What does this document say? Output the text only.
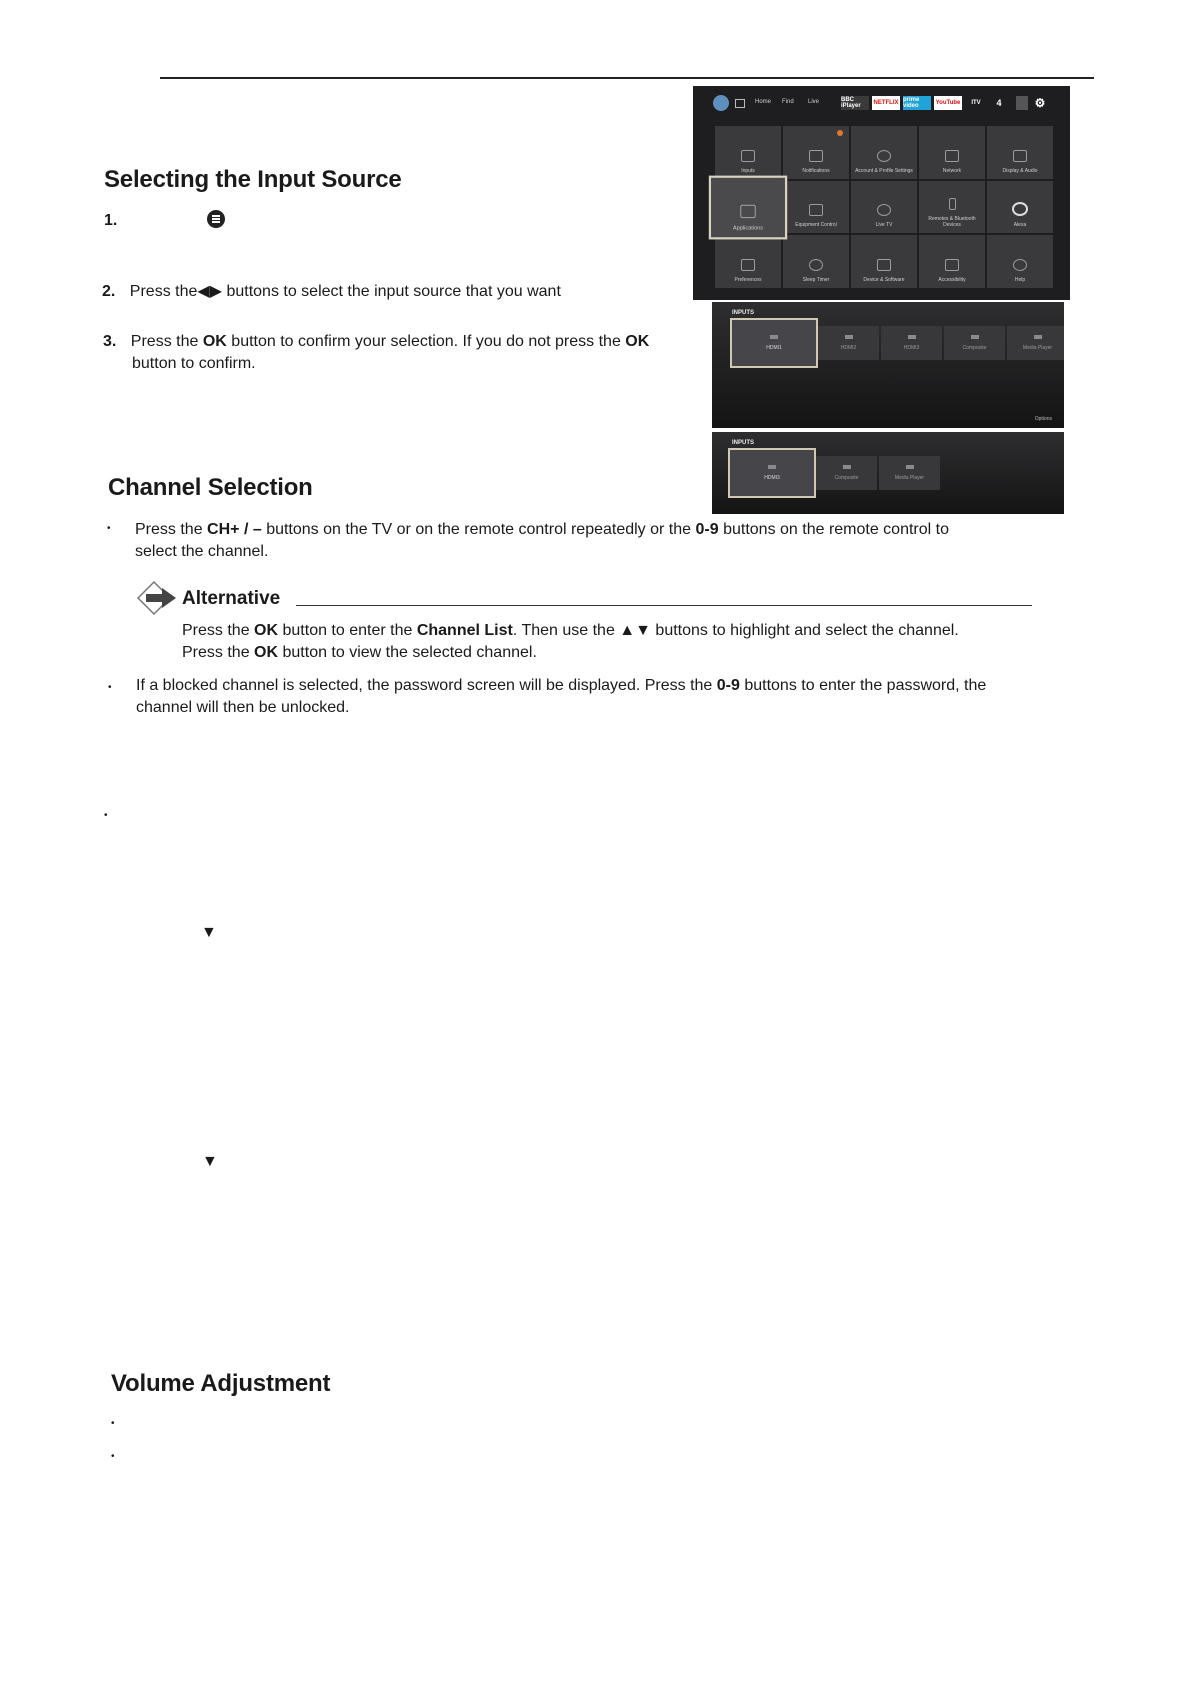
Selecting the Input Source
1.
2. Press the◀▶ buttons to select the input source that you want
3. Press the OK button to confirm your selection. If you do not press the OK
button to confirm.
Home Find Live	BBC iPlayer	NETFLIX prime video	YouTube	ITV	4	⚙
Inputs	Notifications	Account & Profile Settings	Network	Display & Audio
Applications	Equipment Control	Live TV
Remotes & Bluetooth Devices	Alexa
Preferences	Sleep Timer	Device & Software	Accessibility	Help
INPUTS
HDMI1	HDMI2	HDMI3	Composite	Media Player
Options
INPUTS
HDMI3	Composite	Media Player
Channel Selection
• Press the CH+ / – buttons on the TV or on the remote control repeatedly or the 0-9 buttons on the remote control to
select the channel.
Alternative
Press the OK button to enter the Channel List. Then use the ▲▼ buttons to highlight and select the channel.
Press the OK button to view the selected channel.
• If a blocked channel is selected, the password screen will be displayed. Press the 0-9 buttons to enter the password, the
channel will then be unlocked.
•
▼
▼
Volume Adjustment
•
•
